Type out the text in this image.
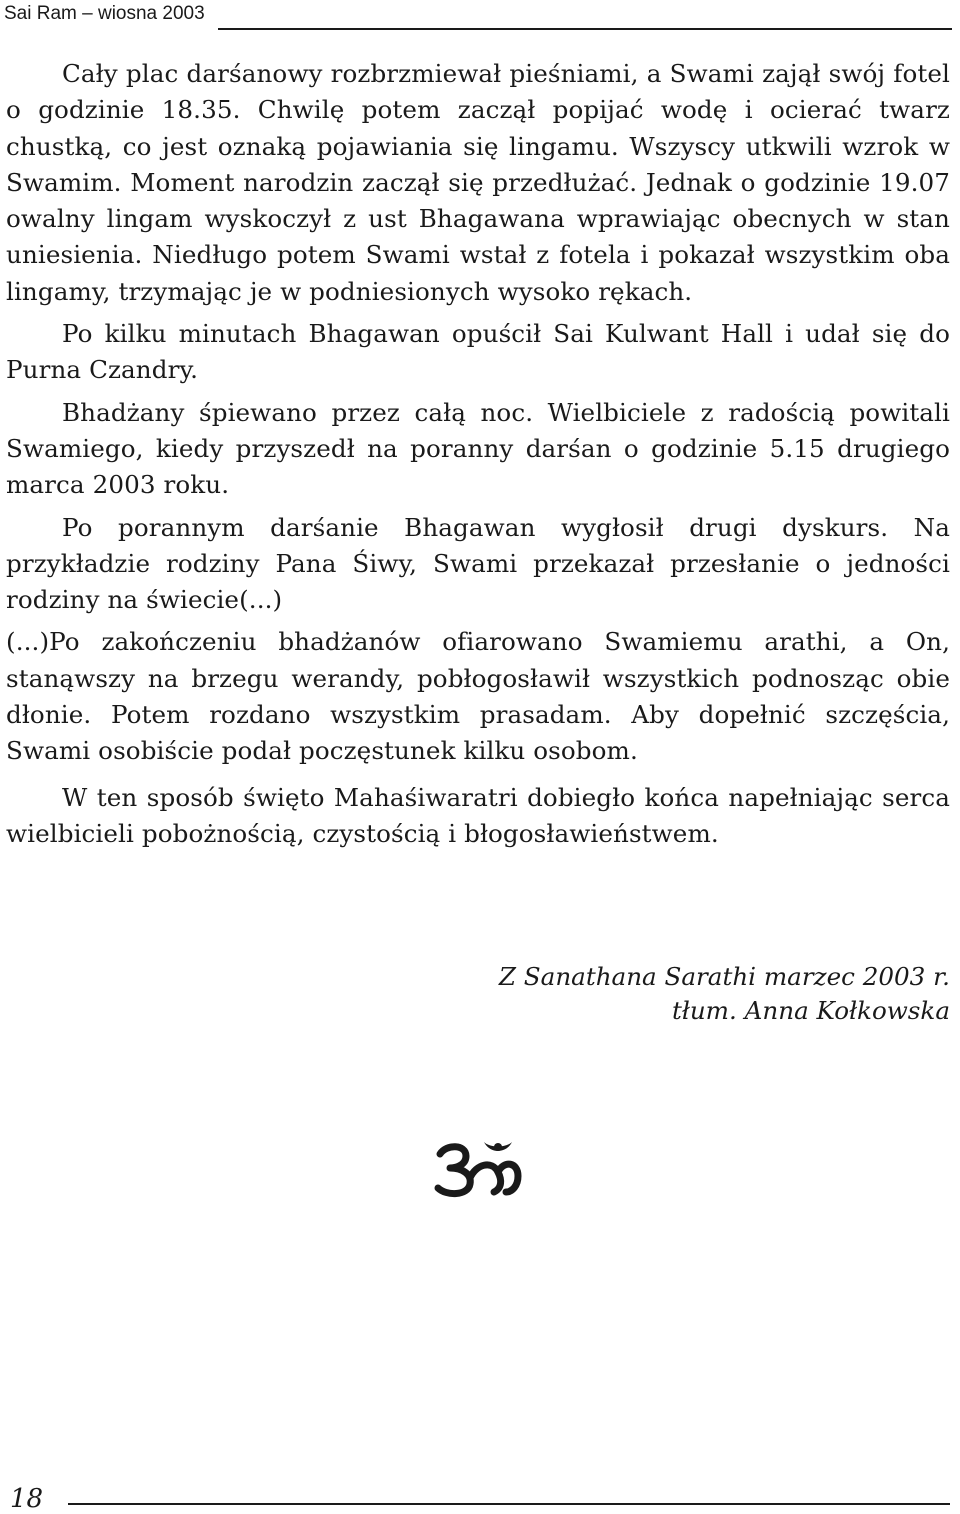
Sai Ram – wiosna 2003

Cały plac darśanowy rozbrzmiewał pieśniami, a Swami zajął swój fotel o godzinie 18.35. Chwilę potem zaczął popijać wodę i ocierać twarz chustką, co jest oznaką pojawiania się lingamu. Wszyscy utkwili wzrok w Swamim. Moment narodzin zaczął się przedłużać. Jednak o godzinie 19.07 owalny lingam wyskoczył z ust Bhagawana wprawiając obecnych w stan uniesienia. Niedługo potem Swami wstał z fotela i pokazał wszystkim oba lingamy, trzymając je w podniesionych wysoko rękach.

Po kilku minutach Bhagawan opuścił Sai Kulwant Hall i udał się do Purna Czandry.

Bhadżany śpiewano przez całą noc. Wielbiciele z radością powitali Swamiego, kiedy przyszedł na poranny darśan o godzinie 5.15 drugiego marca 2003 roku.

Po porannym darśanie Bhagawan wygłosił drugi dyskurs. Na przykładzie rodziny Pana Śiwy, Swami przekazał przesłanie o jedności rodziny na świecie(...)

(...)Po zakończeniu bhadżanów ofiarowano Swamiemu arathi, a On, stanąwszy na brzegu werandy, pobłogosławił wszystkich podnosząc obie dłonie. Potem rozdano wszystkim prasadam. Aby dopełnić szczęścia, Swami osobiście podał poczęstunek kilku osobom.

W ten sposób święto Mahaśiwaratri dobiegło końca napełniając serca wielbicieli pobożnością, czystością i błogosławieństwem.

Z Sanathana Sarathi marzec 2003 r.
tłum. Anna Kołkowska
18
